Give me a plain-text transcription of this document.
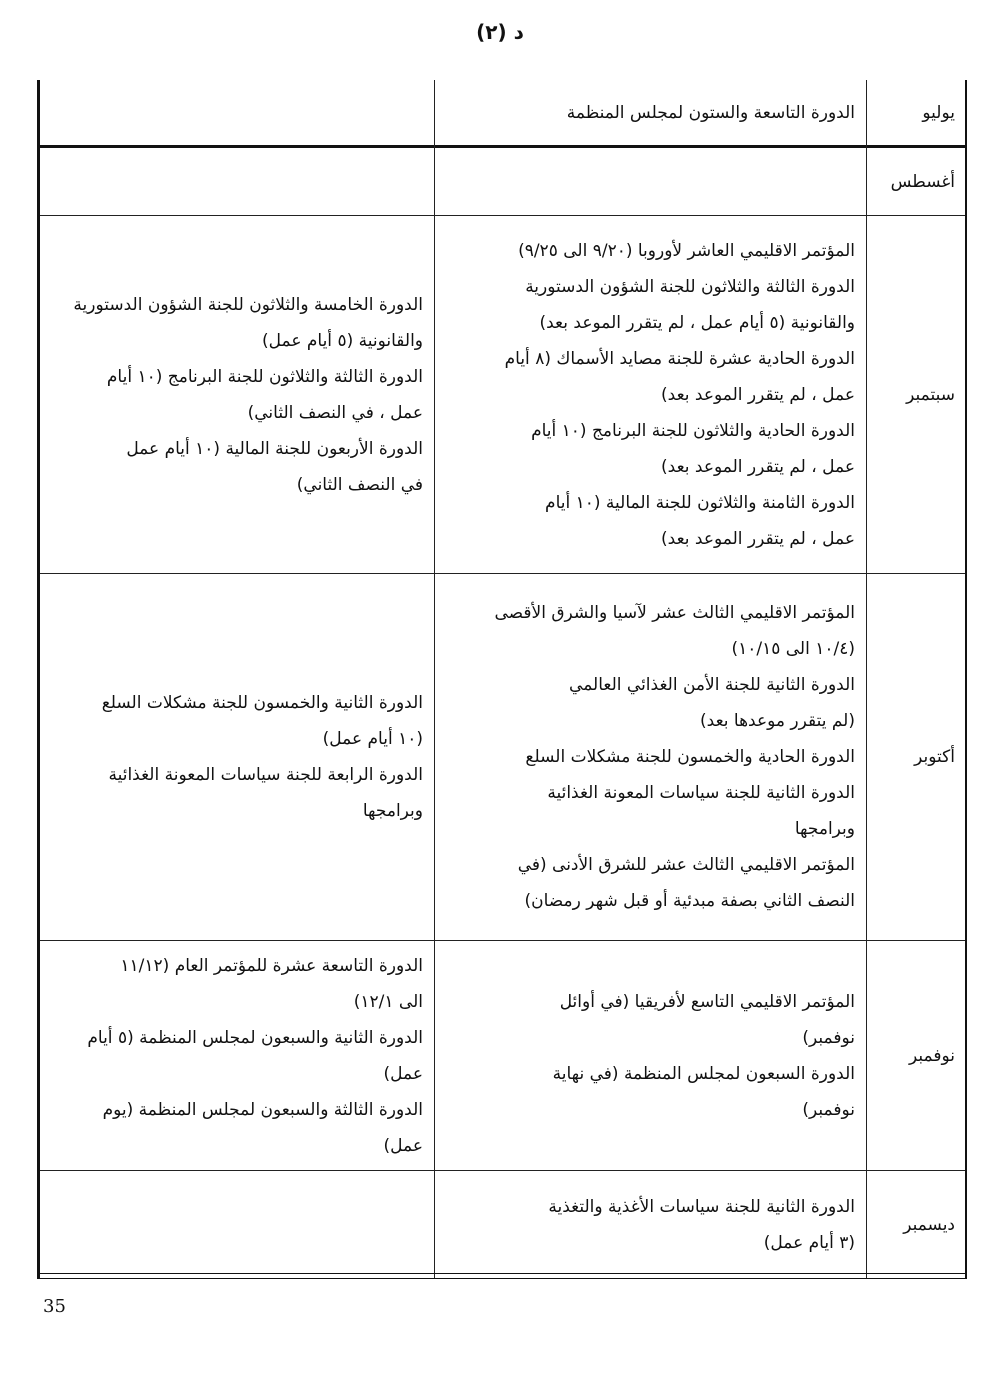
د (٢)
يوليو
الدورة التاسعة والستون لمجلس المنظمة
أغسطس
سبتمبر
المؤتمر الاقليمي العاشر لأوروبا (٩/٢٠ الى ٩/٢٥)
الدورة الثالثة والثلاثون للجنة الشؤون الدستورية
والقانونية (٥ أيام عمل ، لم يتقرر الموعد بعد)
الدورة الحادية عشرة للجنة مصايد الأسماك (٨ أيام
عمل ، لم يتقرر الموعد بعد)
الدورة الحادية والثلاثون للجنة البرنامج (١٠ أيام
عمل ، لم يتقرر الموعد بعد)
الدورة الثامنة والثلاثون للجنة المالية (١٠ أيام
عمل ، لم يتقرر الموعد بعد)
الدورة الخامسة والثلاثون للجنة الشؤون الدستورية
والقانونية (٥ أيام عمل)
الدورة الثالثة والثلاثون للجنة البرنامج (١٠ أيام
عمل ، في النصف الثاني)
الدورة الأربعون للجنة المالية (١٠ أيام عمل
في النصف الثاني)
أكتوبر
المؤتمر الاقليمي الثالث عشر لآسيا والشرق الأقصى
(١٠/٤ الى ١٠/١٥)
الدورة الثانية للجنة الأمن الغذائي العالمي
(لم يتقرر موعدها بعد)
الدورة الحادية والخمسون للجنة مشكلات السلع
الدورة الثانية للجنة سياسات المعونة الغذائية
وبرامجها
المؤتمر الاقليمي الثالث عشر للشرق الأدنى (في
النصف الثاني بصفة مبدئية أو قبل شهر رمضان)
الدورة الثانية والخمسون للجنة مشكلات السلع
(١٠ أيام عمل)
الدورة الرابعة للجنة سياسات المعونة الغذائية
وبرامجها
نوفمبر
المؤتمر الاقليمي التاسع لأفريقيا (في أوائل
نوفمبر)
الدورة السبعون لمجلس المنظمة (في نهاية
نوفمبر)
الدورة التاسعة عشرة للمؤتمر العام (١١/١٢
الى ١٢/١)
الدورة الثانية والسبعون لمجلس المنظمة (٥ أيام
عمل)
الدورة الثالثة والسبعون لمجلس المنظمة (يوم
عمل)
ديسمبر
الدورة الثانية للجنة سياسات الأغذية والتغذية
(٣ أيام عمل)
35
